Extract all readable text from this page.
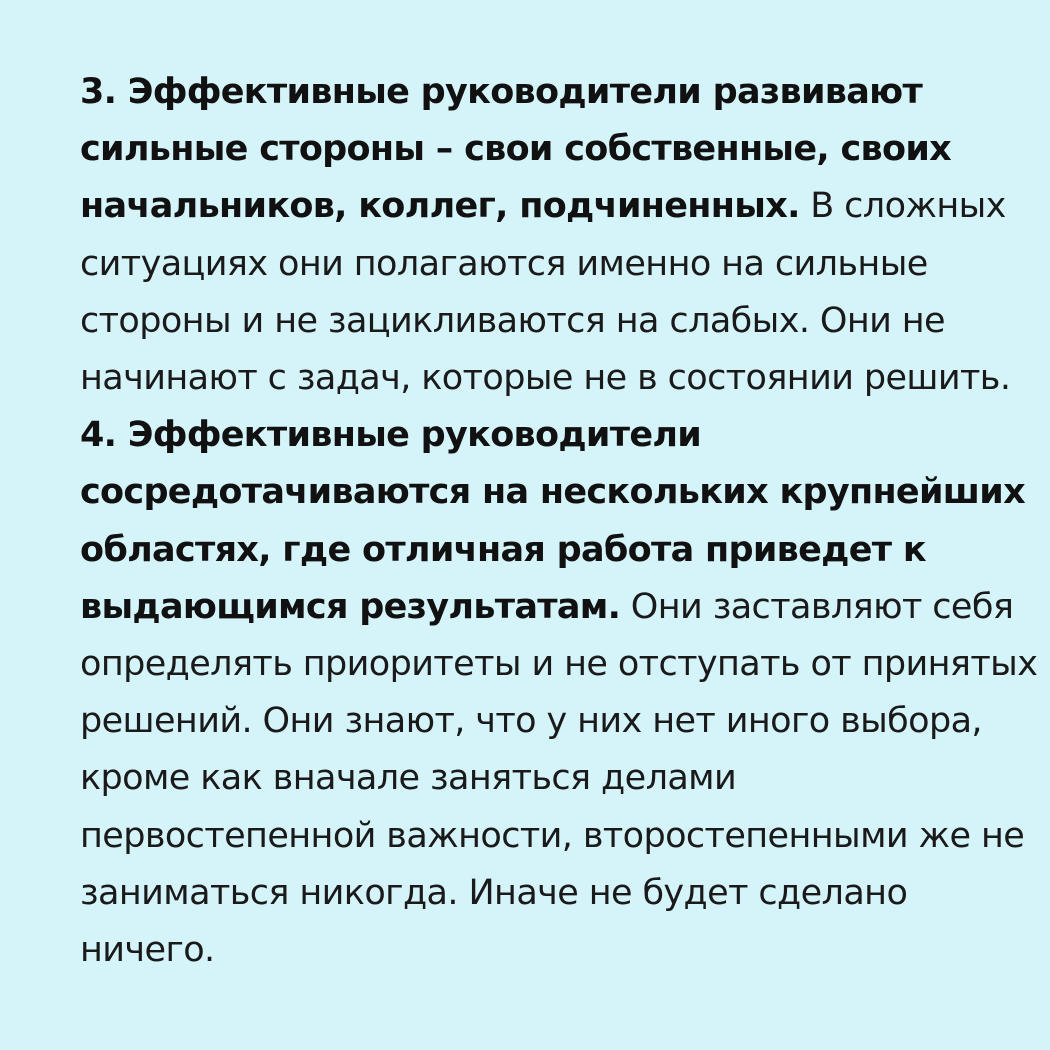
3. Эффективные руководители развивают сильные стороны – свои собственные, своих начальников, коллег, подчиненных. В сложных ситуациях они полагаются именно на сильные стороны и не зацикливаются на слабых. Они не начинают с задач, которые не в состоянии решить.

4. Эффективные руководители сосредотачиваются на нескольких крупнейших областях, где отличная работа приведет к выдающимся результатам. Они заставляют себя определять приоритеты и не отступать от принятых решений. Они знают, что у них нет иного выбора, кроме как вначале заняться делами первостепенной важности, второстепенными же не заниматься никогда. Иначе не будет сделано ничего.
